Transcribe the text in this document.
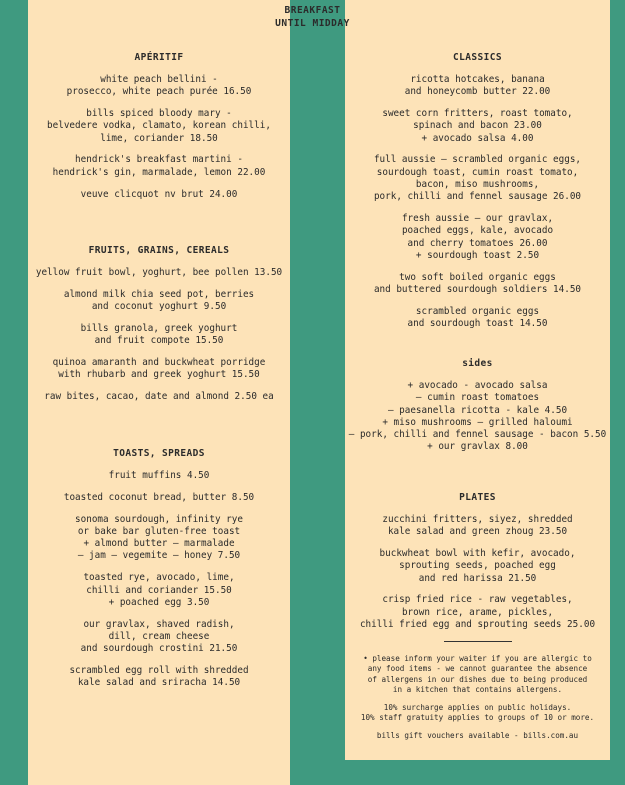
BREAKFAST
UNTIL MIDDAY
APÉRITIF
white peach bellini -
prosecco, white peach purée 16.50
bills spiced bloody mary -
belvedere vodka, clamato, korean chilli,
lime, coriander 18.50
hendrick's breakfast martini -
hendrick's gin, marmalade, lemon 22.00
veuve clicquot nv brut 24.00
FRUITS, GRAINS, CEREALS
yellow fruit bowl, yoghurt, bee pollen 13.50
almond milk chia seed pot, berries
and coconut yoghurt 9.50
bills granola, greek yoghurt
and fruit compote 15.50
quinoa amaranth and buckwheat porridge
with rhubarb and greek yoghurt 15.50
raw bites, cacao, date and almond 2.50 ea
TOASTS, SPREADS
fruit muffins 4.50
toasted coconut bread, butter 8.50
sonoma sourdough, infinity rye
or bake bar gluten-free toast
+ almond butter – marmalade
– jam – vegemite – honey 7.50
toasted rye, avocado, lime,
chilli and coriander 15.50
+ poached egg 3.50
our gravlax, shaved radish,
dill, cream cheese
and sourdough crostini 21.50
scrambled egg roll with shredded
kale salad and sriracha 14.50
CLASSICS
ricotta hotcakes, banana
and honeycomb butter 22.00
sweet corn fritters, roast tomato,
spinach and bacon 23.00
+ avocado salsa 4.00
full aussie – scrambled organic eggs,
sourdough toast, cumin roast tomato,
bacon, miso mushrooms,
pork, chilli and fennel sausage 26.00
fresh aussie – our gravlax,
poached eggs, kale, avocado
and cherry tomatoes 26.00
+ sourdough toast 2.50
two soft boiled organic eggs
and buttered sourdough soldiers 14.50
scrambled organic eggs
and sourdough toast 14.50
sides
+ avocado - avocado salsa
– cumin roast tomatoes
– paesanella ricotta - kale 4.50
+ miso mushrooms – grilled haloumi
– pork, chilli and fennel sausage - bacon 5.50
+ our gravlax 8.00
PLATES
zucchini fritters, siyez, shredded
kale salad and green zhoug 23.50
buckwheat bowl with kefir, avocado,
sprouting seeds, poached egg
and red harissa 21.50
crisp fried rice - raw vegetables,
brown rice, arame, pickles,
chilli fried egg and sprouting seeds 25.00
• please inform your waiter if you are allergic to
any food items - we cannot guarantee the absence
of allergens in our dishes due to being produced
in a kitchen that contains allergens.
10% surcharge applies on public holidays.
10% staff gratuity applies to groups of 10 or more.
bills gift vouchers available - bills.com.au
